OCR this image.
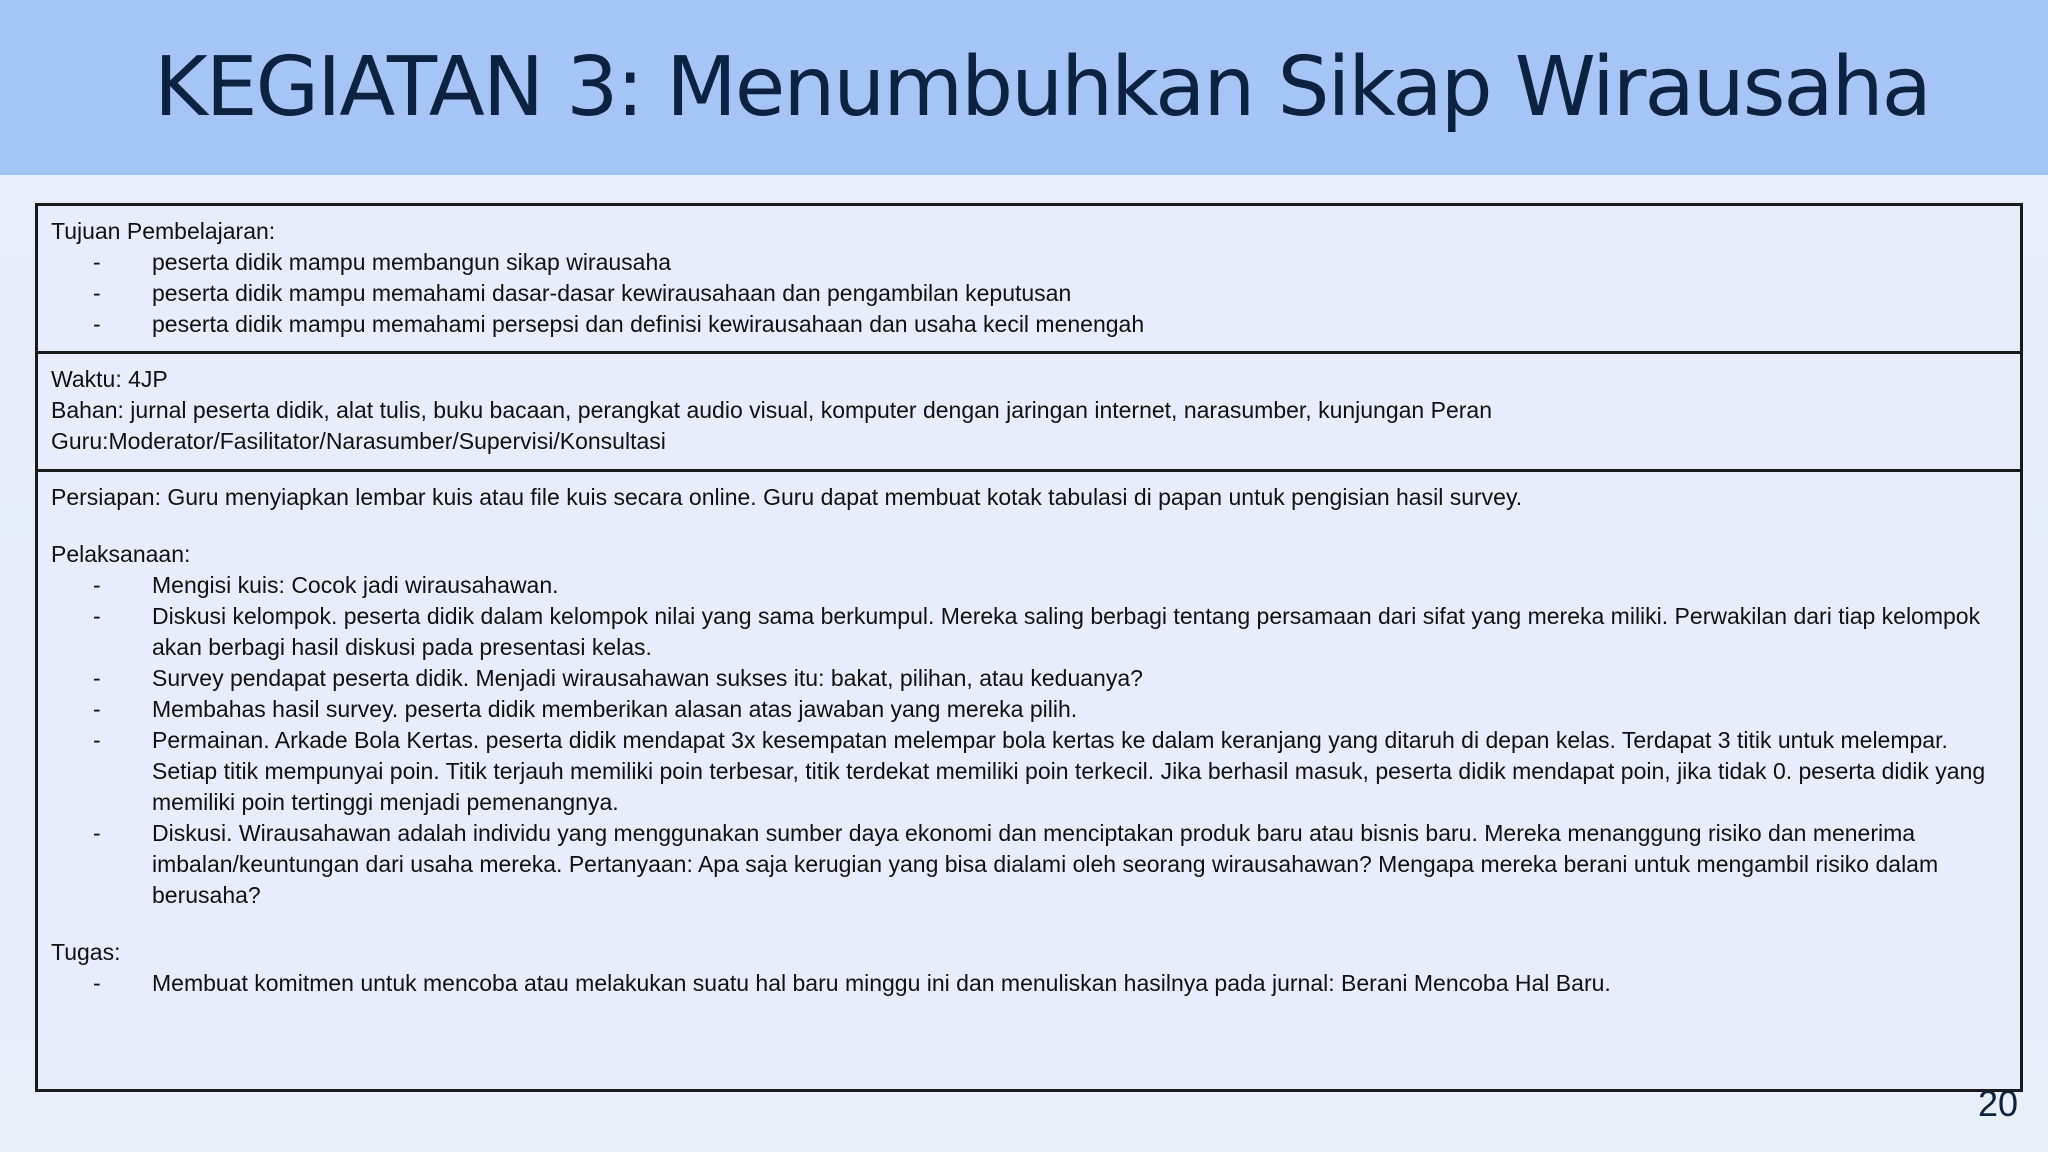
KEGIATAN 3: Menumbuhkan Sikap Wirausaha

Tujuan Pembelajaran:

- peserta didik mampu membangun sikap wirausaha

- peserta didik mampu memahami dasar-dasar kewirausahaan dan pengambilan keputusan

- peserta didik mampu memahami persepsi dan definisi kewirausahaan dan usaha kecil menengah

Waktu: 4JP

Bahan: jurnal peserta didik, alat tulis, buku bacaan, perangkat audio visual, komputer dengan jaringan internet, narasumber, kunjungan Peran

Guru:Moderator/Fasilitator/Narasumber/Supervisi/Konsultasi

Persiapan: Guru menyiapkan lembar kuis atau file kuis secara online. Guru dapat membuat kotak tabulasi di papan untuk pengisian hasil survey.

Pelaksanaan:

- Mengisi kuis: Cocok jadi wirausahawan.

- Diskusi kelompok. peserta didik dalam kelompok nilai yang sama berkumpul. Mereka saling berbagi tentang persamaan dari sifat yang mereka miliki. Perwakilan dari tiap kelompok akan berbagi hasil diskusi pada presentasi kelas.

- Survey pendapat peserta didik. Menjadi wirausahawan sukses itu: bakat, pilihan, atau keduanya?

- Membahas hasil survey. peserta didik memberikan alasan atas jawaban yang mereka pilih.

- Permainan. Arkade Bola Kertas. peserta didik mendapat 3x kesempatan melempar bola kertas ke dalam keranjang yang ditaruh di depan kelas. Terdapat 3 titik untuk melempar. Setiap titik mempunyai poin. Titik terjauh memiliki poin terbesar, titik terdekat memiliki poin terkecil. Jika berhasil masuk, peserta didik mendapat poin, jika tidak 0. peserta didik yang memiliki poin tertinggi menjadi pemenangnya.

- Diskusi. Wirausahawan adalah individu yang menggunakan sumber daya ekonomi dan menciptakan produk baru atau bisnis baru. Mereka menanggung risiko dan menerima imbalan/keuntungan dari usaha mereka. Pertanyaan: Apa saja kerugian yang bisa dialami oleh seorang wirausahawan? Mengapa mereka berani untuk mengambil risiko dalam berusaha?

Tugas:

- Membuat komitmen untuk mencoba atau melakukan suatu hal baru minggu ini dan menuliskan hasilnya pada jurnal: Berani Mencoba Hal Baru.

20
